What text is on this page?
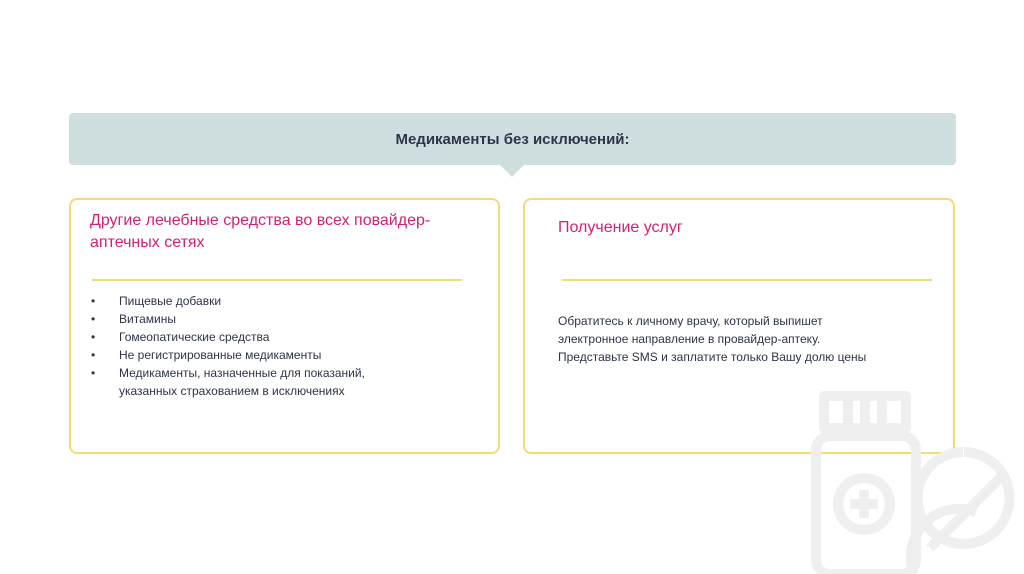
Медикаменты без исключений:
Другие лечебные средства во всех повайдер-аптечных сетях
• Пищевые добавки
• Витамины
• Гомеопатические средства
• Не регистрированные медикаменты
• Медикаменты, назначенные для показаний, указанных страхованием в исключениях
Получение услуг
Обратитесь к личному врачу, который выпишет
электронное направление в провайдер-аптеку.
Представьте SMS и заплатите только Вашу долю цены
